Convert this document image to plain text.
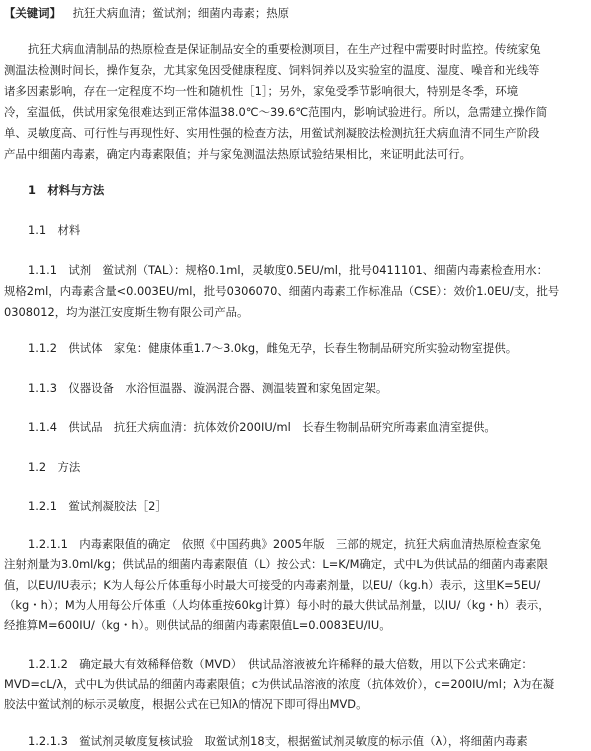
【关键词】 抗狂犬病血清；鲎试剂；细菌内毒素；热原
抗狂犬病血清制品的热原检查是保证制品安全的重要检测项目，在生产过程中需要时时监控。传统家兔
测温法检测时间长，操作复杂，尤其家兔因受健康程度、饲料饲养以及实验室的温度、湿度、噪音和光线等
诸多因素影响，存在一定程度不均一性和随机性［1］；另外，家兔受季节影响很大，特别是冬季，环境
冷，室温低，供试用家兔很难达到正常体温38.0℃～39.6℃范围内，影响试验进行。所以，急需建立操作简
单、灵敏度高、可行性与再现性好、实用性强的检查方法，用鲎试剂凝胶法检测抗狂犬病血清不同生产阶段
产品中细菌内毒素，确定内毒素限值；并与家兔测温法热原试验结果相比，来证明此法可行。
1　材料与方法
1.1　材料
1.1.1　试剂　鲎试剂（TAL）：规格0.1ml，灵敏度0.5EU/ml，批号0411101、细菌内毒素检查用水：
规格2ml，内毒素含量<0.003EU/ml，批号0306070、细菌内毒素工作标准品（CSE）：效价1.0EU/支，批号
0308012，均为湛江安度斯生物有限公司产品。
1.1.2　供试体　家兔：健康体重1.7～3.0kg，雌兔无孕，长春生物制品研究所实验动物室提供。
1.1.3　仪器设备　水浴恒温器、漩涡混合器、测温装置和家兔固定架。
1.1.4　供试品　抗狂犬病血清：抗体效价200IU/ml　长春生物制品研究所毒素血清室提供。
1.2　方法
1.2.1　鲎试剂凝胶法［2］
1.2.1.1　内毒素限值的确定　依照《中国药典》2005年版　三部的规定，抗狂犬病血清热原检查家兔
注射剂量为3.0ml/kg；供试品的细菌内毒素限值（L）按公式：L=K/M确定，式中L为供试品的细菌内毒素限
值，以EU/IU表示；K为人每公斤体重每小时最大可接受的内毒素剂量，以EU/（kg.h）表示，这里K=5EU/
（kg・h）；M为人用每公斤体重（人均体重按60kg计算）每小时的最大供试品剂量，以IU/（kg・h）表示，
经推算M=600IU/（kg・h）。则供试品的细菌内毒素限值L=0.0083EU/IU。
1.2.1.2　确定最大有效稀释倍数（MVD）　供试品溶液被允许稀释的最大倍数，用以下公式来确定：
MVD=cL/λ，式中L为供试品的细菌内毒素限值；c为供试品溶液的浓度（抗体效价），c=200IU/ml；λ为在凝
胶法中鲎试剂的标示灵敏度，根据公式在已知λ的情况下即可得出MVD。
1.2.1.3　鲎试剂灵敏度复核试验　取鲎试剂18支，根据鲎试剂灵敏度的标示值（λ），将细菌内毒素
